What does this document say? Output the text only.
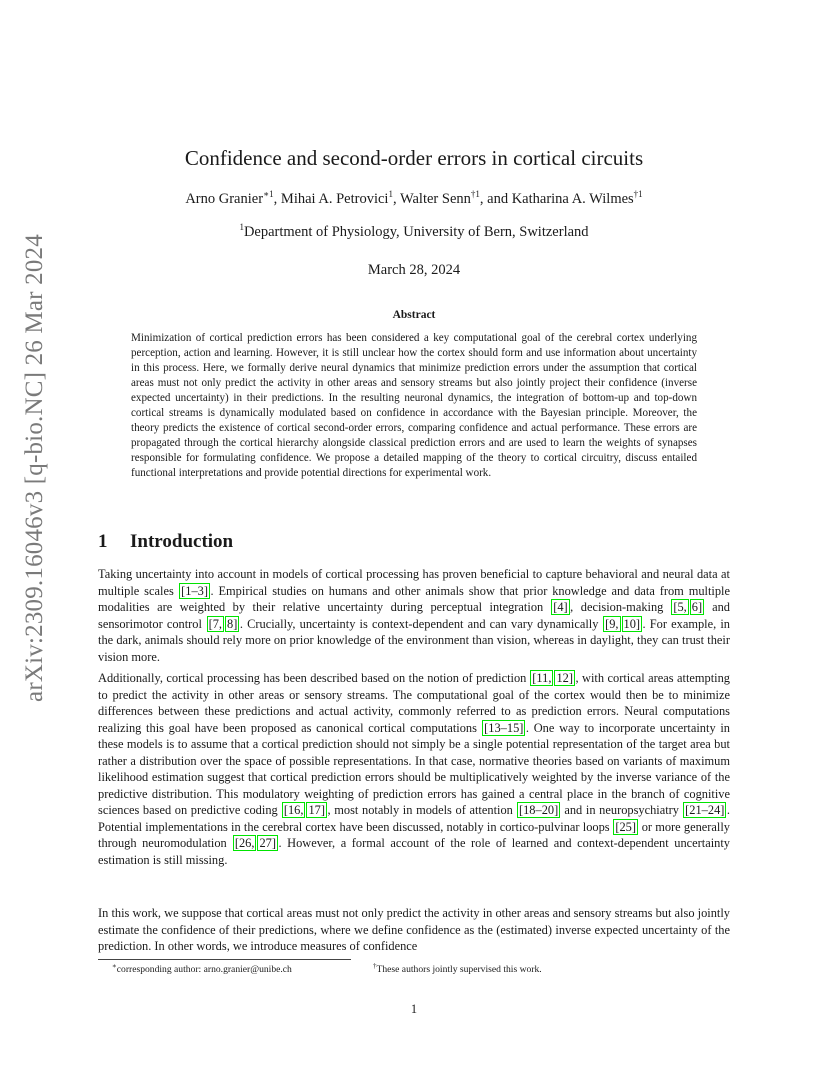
arXiv:2309.16046v3 [q-bio.NC] 26 Mar 2024
Confidence and second-order errors in cortical circuits
Arno Granier$^{∗1}$, Mihai A. Petrovici$^1$, Walter Senn$^{\dagger 1}$, and Katharina A. Wilmes$^{\dagger 1}$
$^1$Department of Physiology, University of Bern, Switzerland
March 28, 2024
Abstract

Minimization of cortical prediction errors has been considered a key computational goal of the cerebral cortex underlying perception, action and learning. However, it is still unclear how the cortex should form and use information about uncertainty in this process. Here, we formally derive neural dynamics that minimize prediction errors under the assumption that cortical areas must not only predict the activity in other areas and sensory streams but also jointly project their confidence (inverse expected uncertainty) in their predictions. In the resulting neuronal dynamics, the integration of bottom-up and top-down cortical streams is dynamically modulated based on confidence in accordance with the Bayesian principle. Moreover, the theory predicts the existence of cortical second-order errors, comparing confidence and actual performance. These errors are propagated through the cortical hierarchy alongside classical prediction errors and are used to learn the weights of synapses responsible for formulating confidence. We propose a detailed mapping of the theory to cortical circuitry, discuss entailed functional interpretations and provide potential directions for experimental work.

1 Introduction

Taking uncertainty into account in models of cortical processing has proven beneficial to capture behavioral and neural data at multiple scales [1–3] . Empirical studies on humans and other animals show that prior knowledge and data from multiple modalities are weighted by their relative uncertainty during perceptual integration [4] , decision-making [5, 6] and sensorimotor control [7, 8] . Crucially, uncertainty is context-dependent and can vary dynamically [9, 10] . For example, in the dark, animals should rely more on prior knowledge of the environment than vision, whereas in daylight, they can trust their vision more.

Additionally, cortical processing has been described based on the notion of prediction [11, 12] , with cortical areas attempting to predict the activity in other areas or sensory streams. The computational goal of the cortex would then be to minimize differences between these predictions and actual activity, commonly referred to as prediction errors. Neural computations realizing this goal have been proposed as canonical cortical computations [13–15] . One way to incorporate uncertainty in these models is to assume that a cortical prediction should not simply be a single potential representation of the target area but rather a distribution over the space of possible representations. In that case, normative theories based on variants of maximum likelihood estimation suggest that cortical prediction errors should be multiplicatively weighted by the inverse variance of the predictive distribution. This modulatory weighting of prediction errors has gained a central place in the branch of cognitive sciences based on predictive coding [16, 17] , most notably in models of attention [18–20] and in neuropsychiatry [21–24] . Potential implementations in the cerebral cortex have been discussed, notably in cortico-pulvinar loops [25] or more generally through neuromodulation [26, 27] . However, a formal account of the role of learned and context-dependent uncertainty estimation is still missing.

In this work, we suppose that cortical areas must not only predict the activity in other areas and sensory streams but also jointly estimate the confidence of their predictions, where we define confidence as the (estimated) inverse expected uncertainty of the prediction. In other words, we introduce measures of confidence

∗corresponding author: arno.granier@unibe.ch	†These authors jointly supervised this work.
1
